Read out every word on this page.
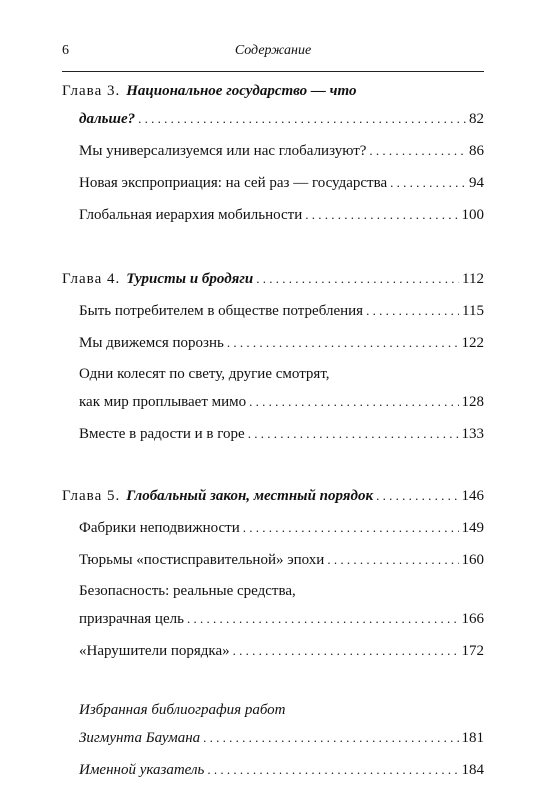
6	Содержание
Глава 3. Национальное государство — что
дальше? . . .	82
Мы универсализуемся или нас глобализуют? . . .	86
Новая экспроприация: на сей раз — государства . . .	94
Глобальная иерархия мобильности . . .	100
Глава 4. Туристы и бродяги . . .	112
Быть потребителем в обществе потребления . . .	115
Мы движемся порознь . . .	122
Одни колесят по свету, другие смотрят,
как мир проплывает мимо . . .	128
Вместе в радости и в горе . . .	133
Глава 5. Глобальный закон, местный порядок . . .	146
Фабрики неподвижности . . .	149
Тюрьмы «постисправительной» эпохи . . .	160
Безопасность: реальные средства,
призрачная цель . . .	166
«Нарушители порядка» . . .	172
Избранная библиография работ
Зигмунта Баумана . . .	181
Именной указатель . . .	184
